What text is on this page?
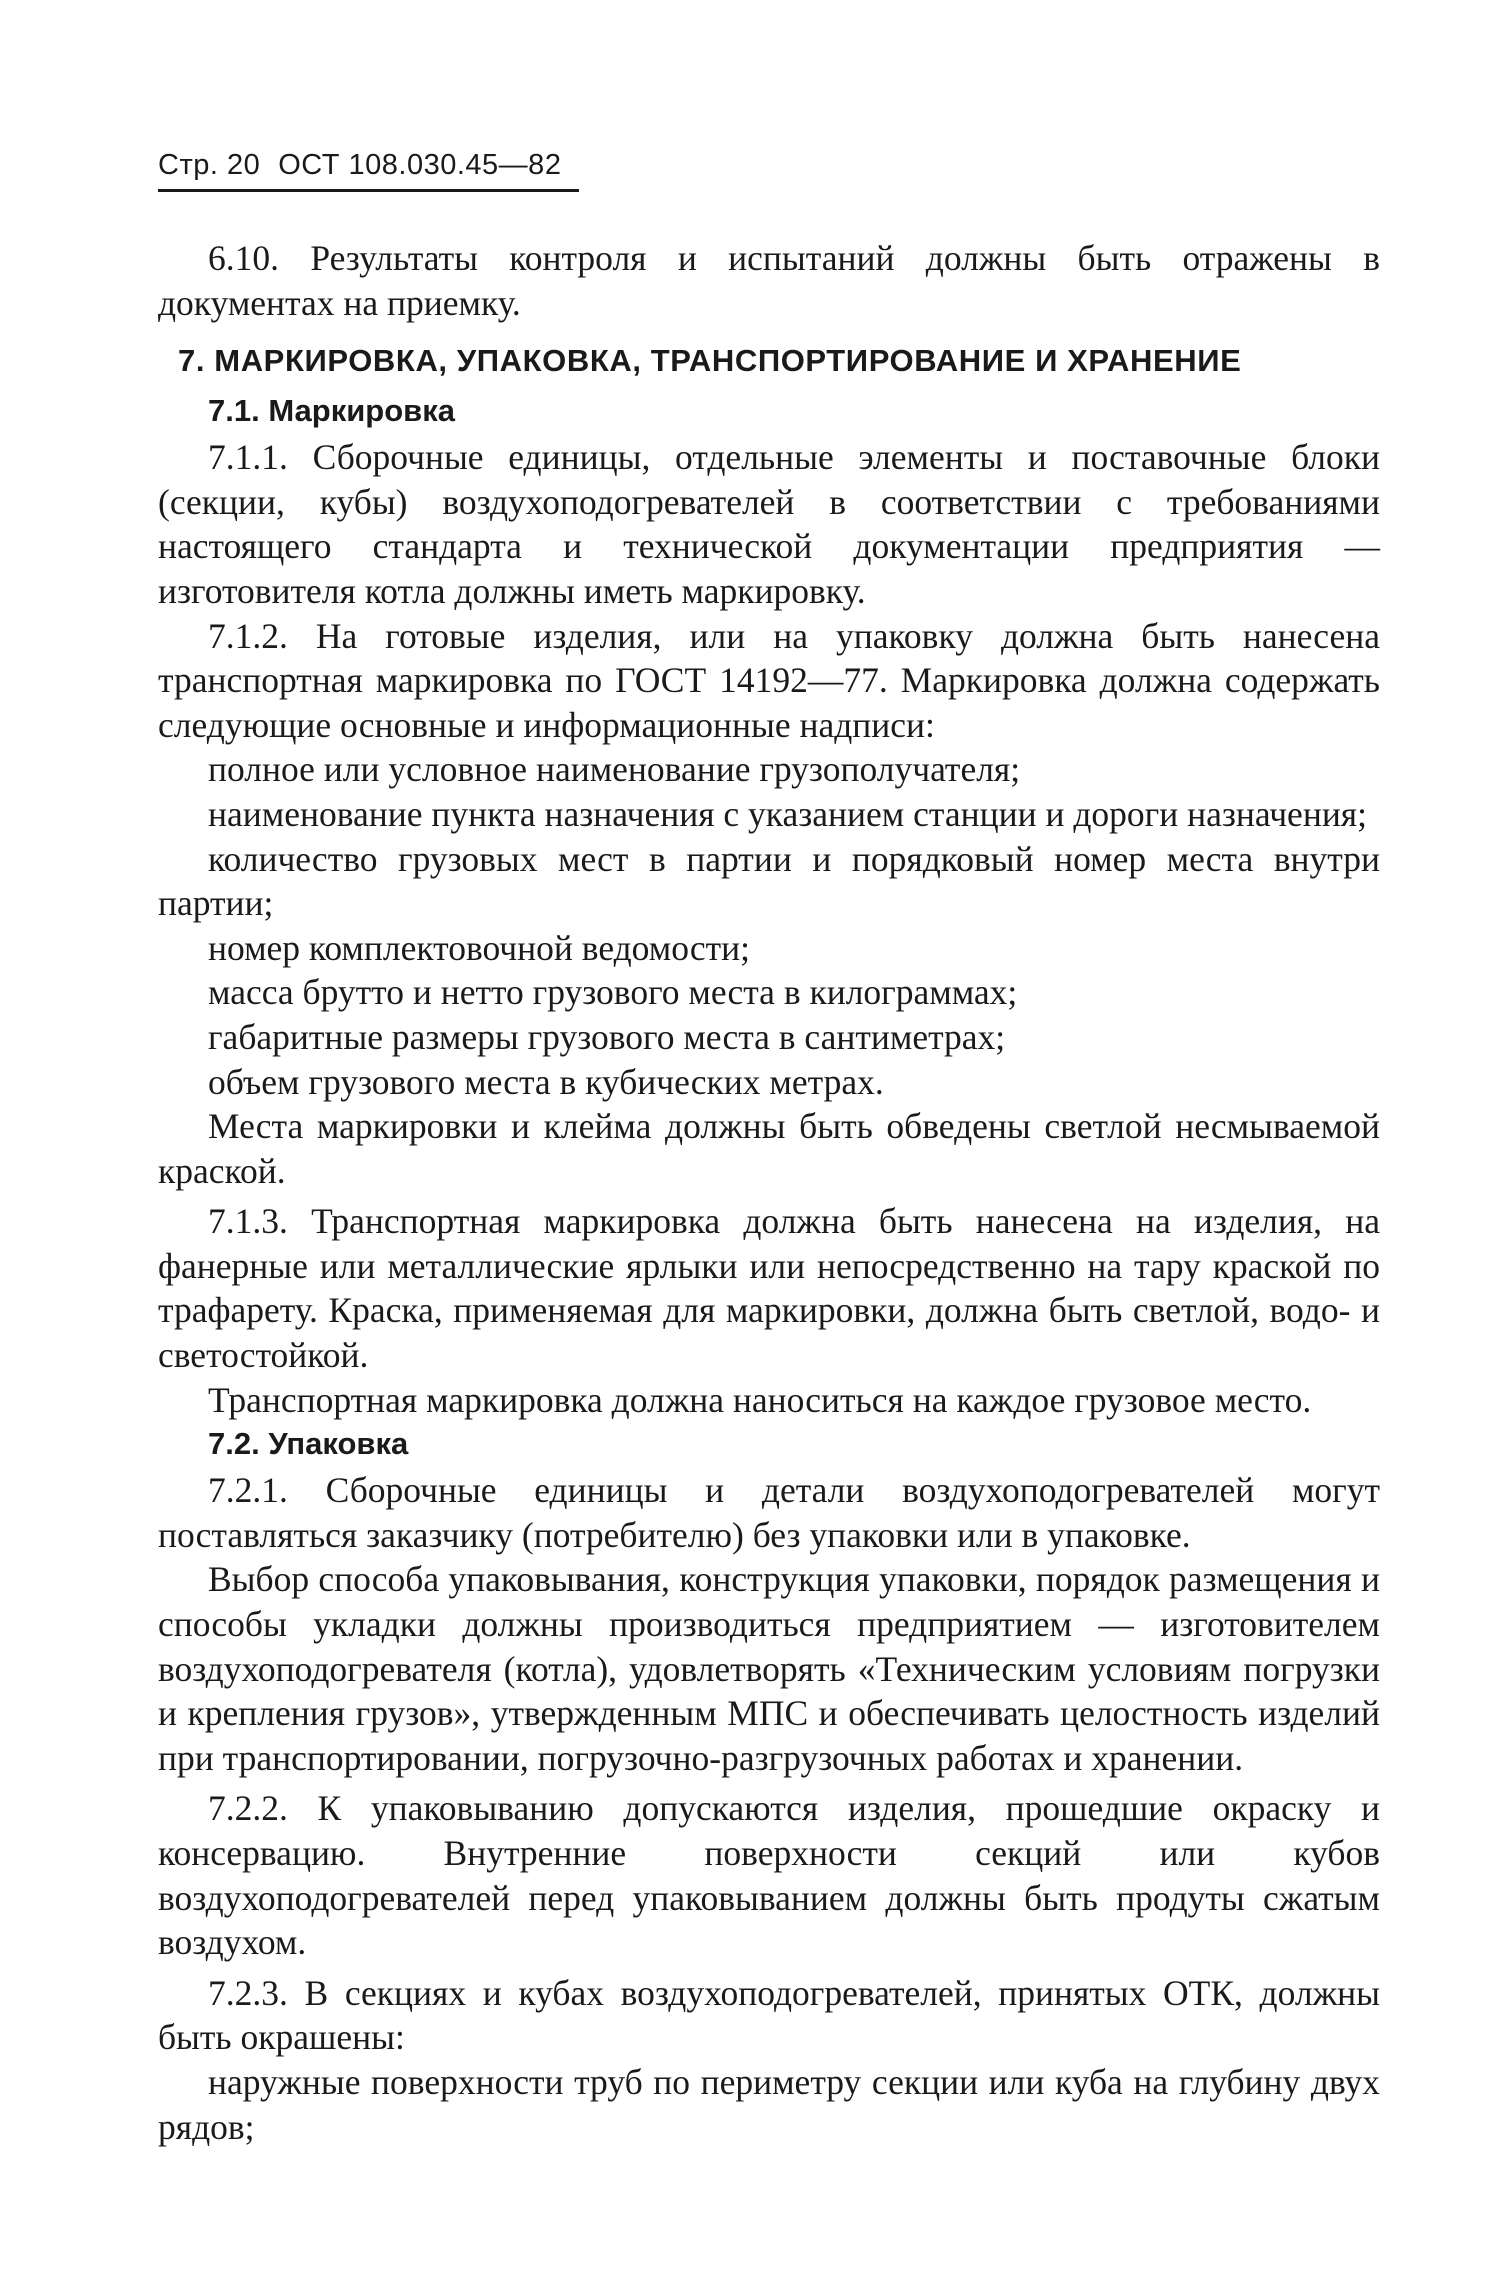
Стр. 20 ОСТ 108.030.45—82

6.10. Результаты контроля и испытаний должны быть отражены в документах на приемку.

7. МАРКИРОВКА, УПАКОВКА, ТРАНСПОРТИРОВАНИЕ И ХРАНЕНИЕ
7.1. Маркировка

7.1.1. Сборочные единицы, отдельные элементы и поставочные блоки (секции, кубы) воздухоподогревателей в соответствии с требованиями настоящего стандарта и технической документации предприятия — изготовителя котла должны иметь маркировку.

7.1.2. На готовые изделия, или на упаковку должна быть нанесена транспортная маркировка по ГОСТ 14192—77. Маркировка должна содержать следующие основные и информационные надписи:

полное или условное наименование грузополучателя;

наименование пункта назначения с указанием станции и дороги назначения;

количество грузовых мест в партии и порядковый номер места внутри партии;

номер комплектовочной ведомости;

масса брутто и нетто грузового места в килограммах;

габаритные размеры грузового места в сантиметрах;

объем грузового места в кубических метрах.

Места маркировки и клейма должны быть обведены светлой несмываемой краской.

7.1.3. Транспортная маркировка должна быть нанесена на изделия, на фанерные или металлические ярлыки или непосредственно на тару краской по трафарету. Краска, применяемая для маркировки, должна быть светлой, водо- и светостойкой.

Транспортная маркировка должна наноситься на каждое грузовое место.

7.2. Упаковка

7.2.1. Сборочные единицы и детали воздухоподогревателей могут поставляться заказчику (потребителю) без упаковки или в упаковке.

Выбор способа упаковывания, конструкция упаковки, порядок размещения и способы укладки должны производиться предприятием — изготовителем воздухоподогревателя (котла), удовлетворять «Техническим условиям погрузки и крепления грузов», утвержденным МПС и обеспечивать целостность изделий при транспортировании, погрузочно-разгрузочных работах и хранении.

7.2.2. К упаковыванию допускаются изделия, прошедшие окраску и консервацию. Внутренние поверхности секций или кубов воздухоподогревателей перед упаковыванием должны быть продуты сжатым воздухом.

7.2.3. В секциях и кубах воздухоподогревателей, принятых ОТК, должны быть окрашены:

наружные поверхности труб по периметру секции или куба на глубину двух рядов;
